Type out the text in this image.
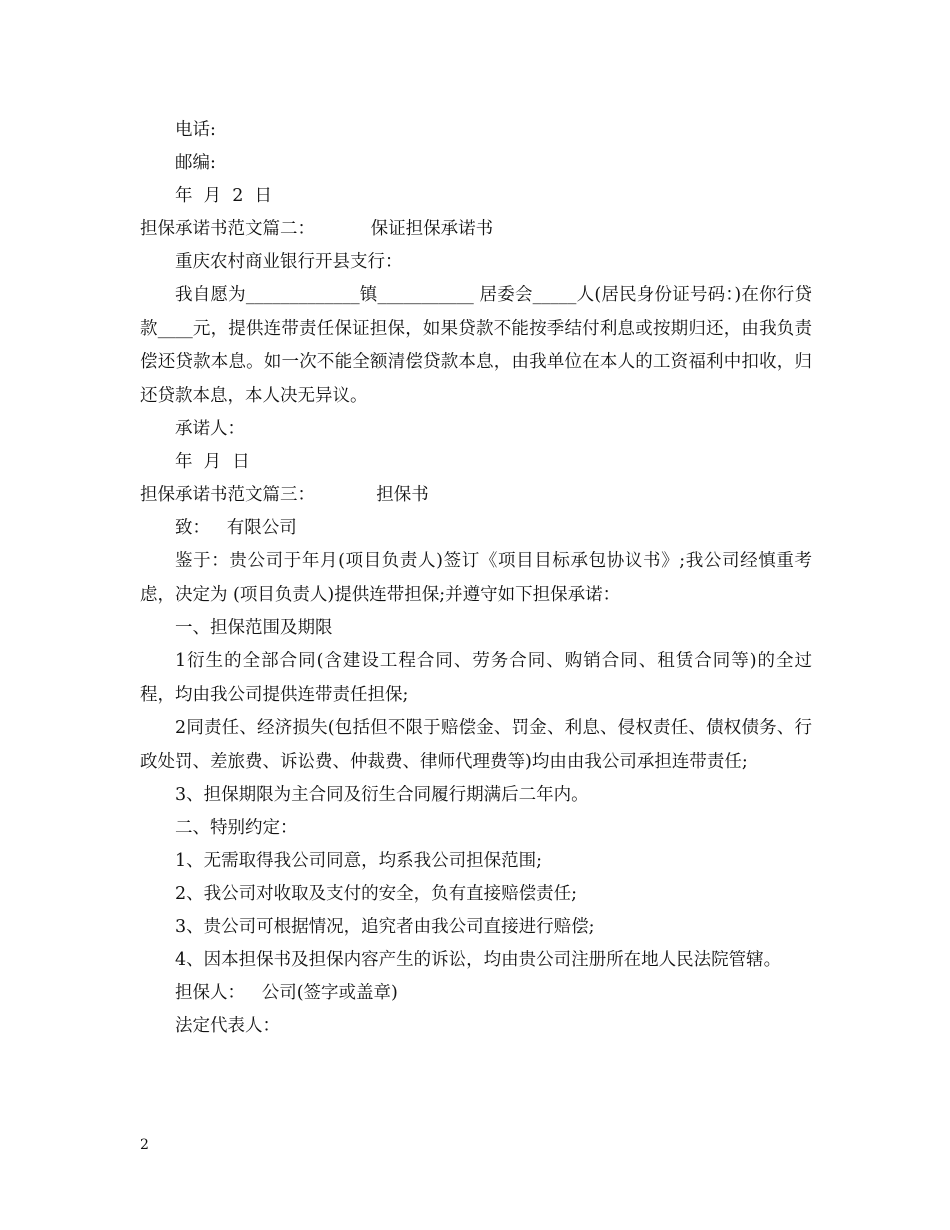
电话:
邮编:
年  月  2  日
担保承诺书范文篇二：          保证担保承诺书
重庆农村商业银行开县支行：

我自愿为_____________镇___________ 居委会_____人(居民身份证号码：)在你行贷款____元，提供连带责任保证担保，如果贷款不能按季结付利息或按期归还，由我负责偿还贷款本息。如一次不能全额清偿贷款本息，由我单位在本人的工资福利中扣收，归还贷款本息，本人决无异议。

承诺人：
年  月  日
担保承诺书范文篇三：           担保书
致：   有限公司

鉴于：贵公司于年月(项目负责人)签订《项目目标承包协议书》;我公司经慎重考虑，决定为 (项目负责人)提供连带担保;并遵守如下担保承诺：

一、担保范围及期限

1衍生的全部合同(含建设工程合同、劳务合同、购销合同、租赁合同等)的全过程，均由我公司提供连带责任担保;

2同责任、经济损失(包括但不限于赔偿金、罚金、利息、侵权责任、债权债务、行政处罚、差旅费、诉讼费、仲裁费、律师代理费等)均由由我公司承担连带责任;

3、担保期限为主合同及衍生合同履行期满后二年内。
二、特别约定：
1、无需取得我公司同意，均系我公司担保范围;
2、我公司对收取及支付的安全，负有直接赔偿责任;
3、贵公司可根据情况，追究者由我公司直接进行赔偿;
4、因本担保书及担保内容产生的诉讼，均由贵公司注册所在地人民法院管辖。
担保人：   公司(签字或盖章)
法定代表人：
2
